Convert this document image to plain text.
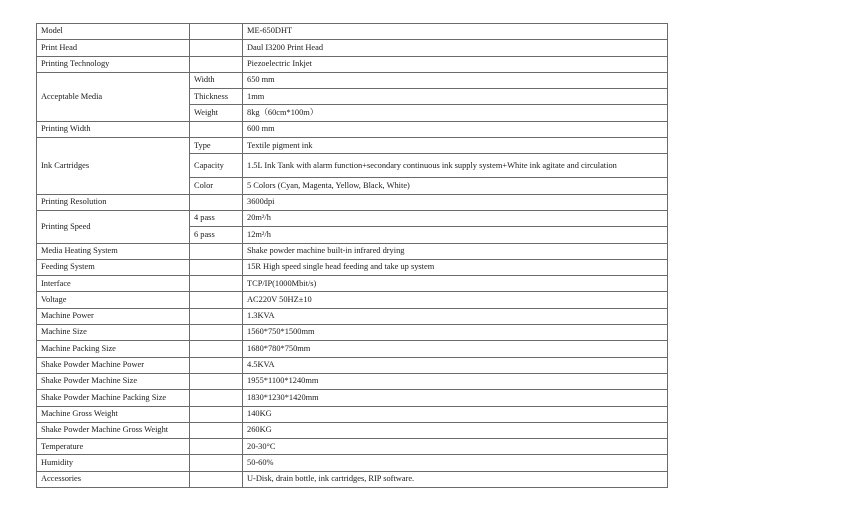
Model		ME-650DHT
Print Head		Daul I3200 Print Head
Printing Technology		Piezoelectric Inkjet
Acceptable Media	Width	650 mm
	Thickness	1mm
	Weight	8kg（60cm*100m）
Printing Width		600 mm
Ink Cartridges	Type	Textile pigment ink
	Capacity	1.5L Ink Tank with alarm function+secondary continuous ink supply system+White ink agitate and circulation
	Color	5 Colors (Cyan, Magenta, Yellow, Black, White)
Printing Resolution		3600dpi
Printing Speed	4 pass	20m²/h
	6 pass	12m²/h
Media Heating System		Shake powder machine built-in infrared drying
Feeding System		15R High speed single head feeding and take up system
Interface		TCP/IP(1000Mbit/s)
Voltage		AC220V 50HZ±10
Machine Power		1.3KVA
Machine Size		1560*750*1500mm
Machine Packing Size		1680*780*750mm
Shake Powder Machine Power		4.5KVA
Shake Powder Machine Size		1955*1100*1240mm
Shake Powder Machine Packing Size		1830*1230*1420mm
Machine Gross Weight		140KG
Shake Powder Machine Gross Weight		260KG
Temperature		20-30°C
Humidity		50-60%
Accessories		U-Disk, drain bottle, ink cartridges, RIP software.
